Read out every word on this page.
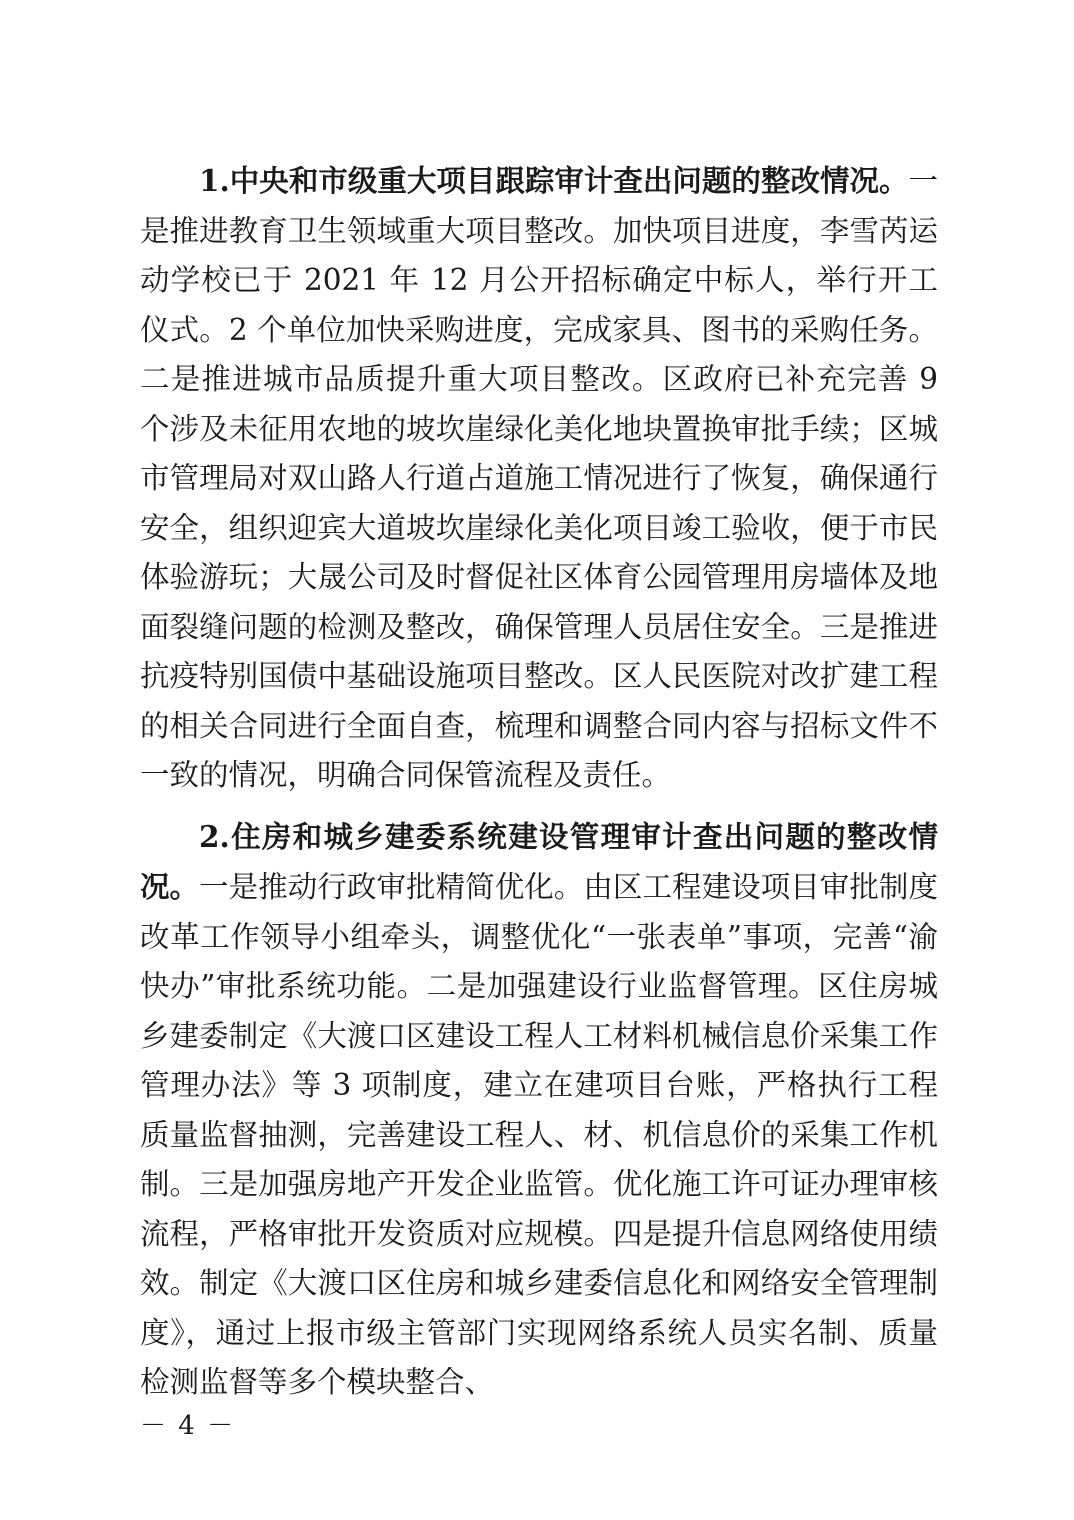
1.中央和市级重大项目跟踪审计查出问题的整改情况。一是推进教育卫生领域重大项目整改。加快项目进度，李雪芮运动学校已于 2021 年 12 月公开招标确定中标人，举行开工仪式。2 个单位加快采购进度，完成家具、图书的采购任务。二是推进城市品质提升重大项目整改。区政府已补充完善 9 个涉及未征用农地的坡坎崖绿化美化地块置换审批手续；区城市管理局对双山路人行道占道施工情况进行了恢复，确保通行安全，组织迎宾大道坡坎崖绿化美化项目竣工验收，便于市民体验游玩；大晟公司及时督促社区体育公园管理用房墙体及地面裂缝问题的检测及整改，确保管理人员居住安全。三是推进抗疫特别国债中基础设施项目整改。区人民医院对改扩建工程的相关合同进行全面自查，梳理和调整合同内容与招标文件不一致的情况，明确合同保管流程及责任。

2.住房和城乡建委系统建设管理审计查出问题的整改情况。一是推动行政审批精简优化。由区工程建设项目审批制度改革工作领导小组牵头，调整优化“一张表单”事项，完善“渝快办”审批系统功能。二是加强建设行业监督管理。区住房城乡建委制定《大渡口区建设工程人工材料机械信息价采集工作管理办法》等 3 项制度，建立在建项目台账，严格执行工程质量监督抽测，完善建设工程人、材、机信息价的采集工作机制。三是加强房地产开发企业监管。优化施工许可证办理审核流程，严格审批开发资质对应规模。四是提升信息网络使用绩效。制定《大渡口区住房和城乡建委信息化和网络安全管理制度》，通过上报市级主管部门实现网络系统人员实名制、质量检测监督等多个模块整合、

－ 4 －
